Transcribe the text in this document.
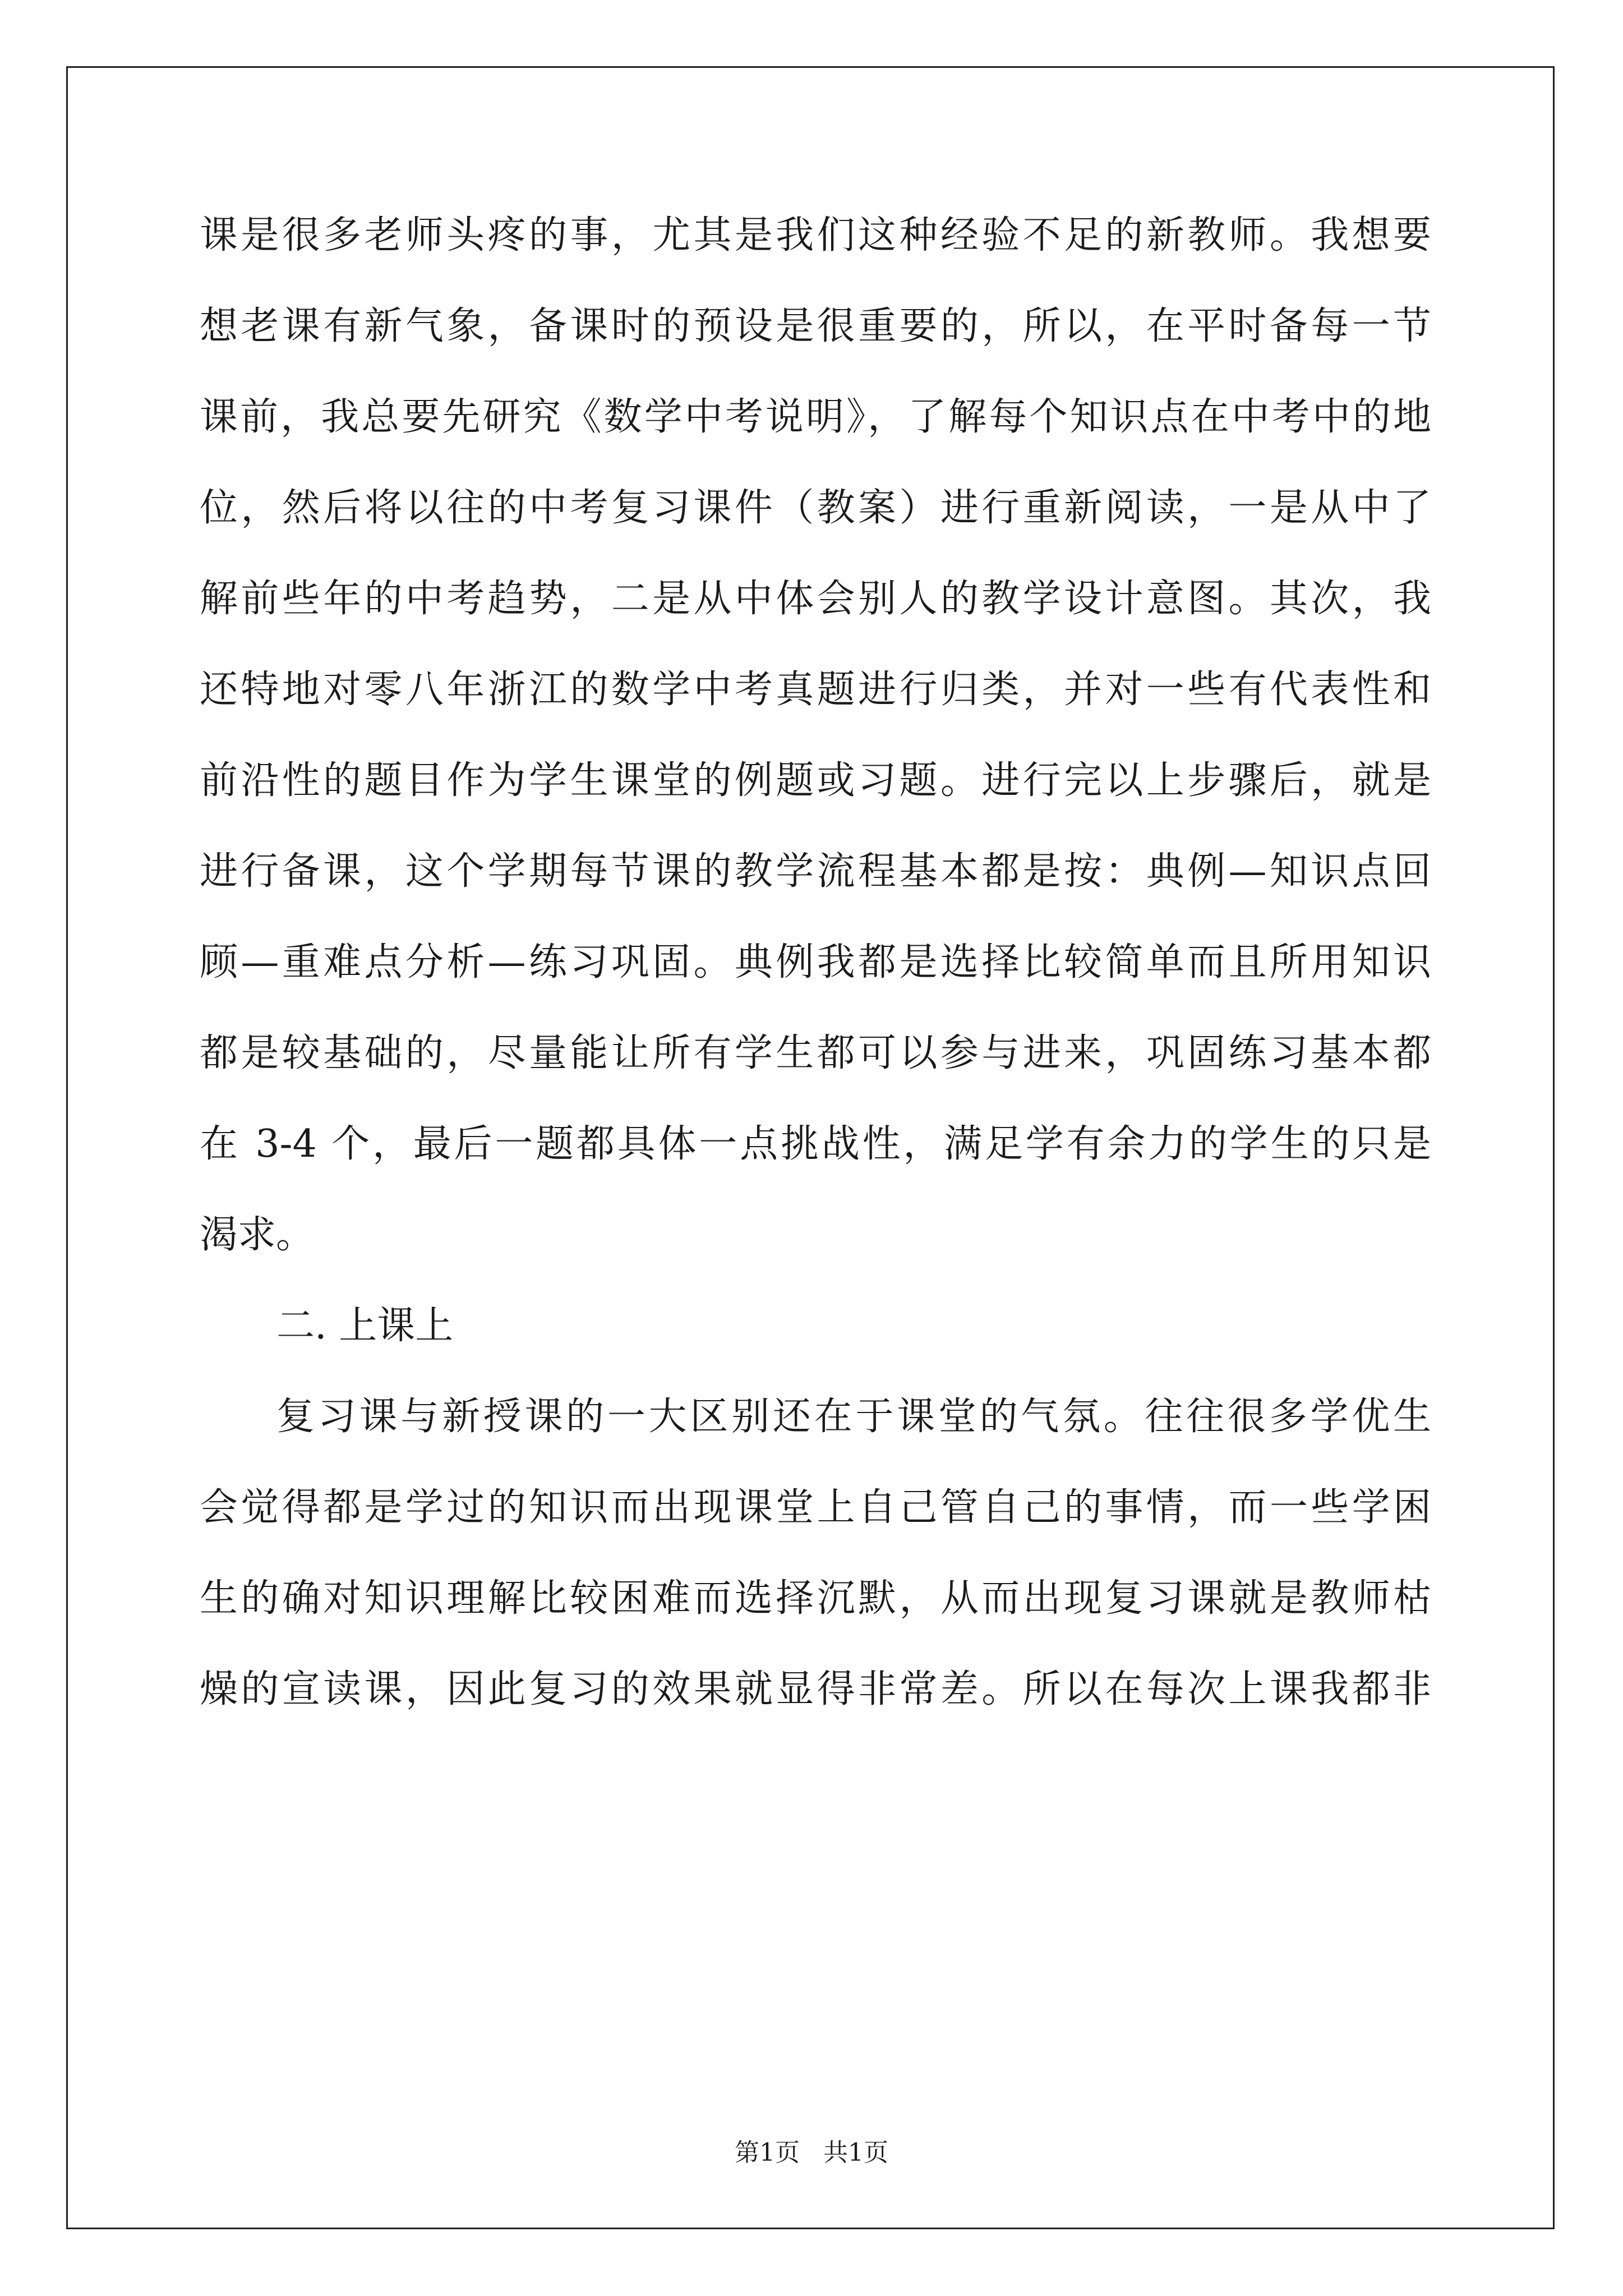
课是很多老师头疼的事，尤其是我们这种经验不足的新教师。我想要
想老课有新气象，备课时的预设是很重要的，所以，在平时备每一节
课前，我总要先研究《数学中考说明》，了解每个知识点在中考中的地
位，然后将以往的中考复习课件（教案）进行重新阅读，一是从中了
解前些年的中考趋势，二是从中体会别人的教学设计意图。其次，我
还特地对零八年浙江的数学中考真题进行归类，并对一些有代表性和
前沿性的题目作为学生课堂的例题或习题。进行完以上步骤后，就是
进行备课，这个学期每节课的教学流程基本都是按：典例—知识点回
顾—重难点分析—练习巩固。典例我都是选择比较简单而且所用知识
都是较基础的，尽量能让所有学生都可以参与进来，巩固练习基本都
在 3-4 个，最后一题都具体一点挑战性，满足学有余力的学生的只是
渴求。
二. 上课上
复习课与新授课的一大区别还在于课堂的气氛。往往很多学优生
会觉得都是学过的知识而出现课堂上自己管自己的事情，而一些学困
生的确对知识理解比较困难而选择沉默，从而出现复习课就是教师枯
燥的宣读课，因此复习的效果就显得非常差。所以在每次上课我都非
第1页   共1页
